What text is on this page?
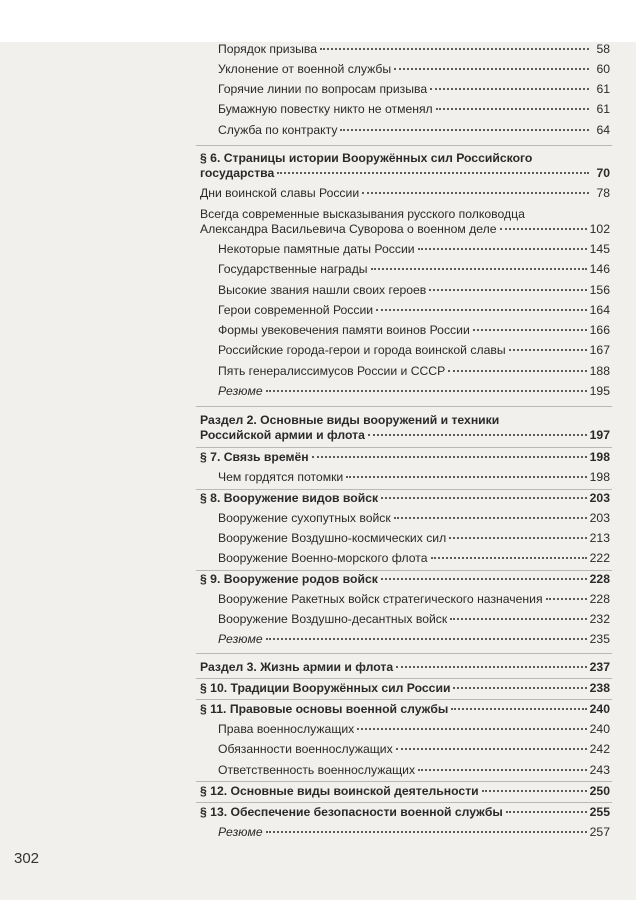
Порядок призыва	58
Уклонение от военной службы	60
Горячие линии по вопросам призыва	61
Бумажную повестку никто не отменял	61
Служба по контракту	64
§ 6. Страницы истории Вооружённых сил Российского
государства	70
Дни воинской славы России	78
Всегда современные высказывания русского полководца
Александра Васильевича Суворова о военном деле	102
Некоторые памятные даты России	145
Государственные награды	146
Высокие звания нашли своих героев	156
Герои современной России	164
Формы увековечения памяти воинов России	166
Российские города-герои и города воинской славы	167
Пять генералиссимусов России и СССР	188
Резюме	195
Раздел 2. Основные виды вооружений и техники
Российской армии и флота	197
§ 7. Связь времён	198
Чем гордятся потомки	198
§ 8. Вооружение видов войск	203
Вооружение сухопутных войск	203
Вооружение Воздушно-космических сил	213
Вооружение Военно-морского флота	222
§ 9. Вооружение родов войск	228
Вооружение Ракетных войск стратегического назначения	228
Вооружение Воздушно-десантных войск	232
Резюме	235
Раздел 3. Жизнь армии и флота	237
§ 10. Традиции Вооружённых сил России	238
§ 11. Правовые основы военной службы	240
Права военнослужащих	240
Обязанности военнослужащих	242
Ответственность военнослужащих	243
§ 12. Основные виды воинской деятельности	250
§ 13. Обеспечение безопасности военной службы	255
Резюме	257
302
